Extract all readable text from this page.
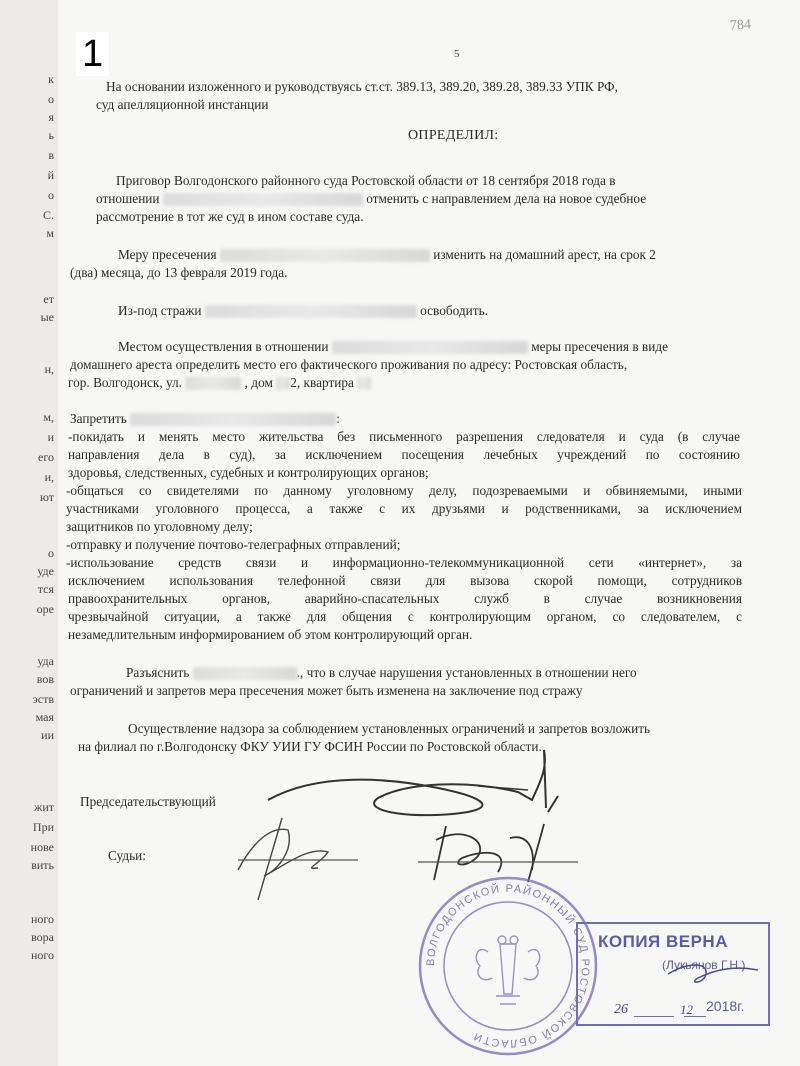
к
о
я
ь
в
й
о
С.
м
ет
ые
н,
м,
и
его
и,
ют
о
уде
тся
оре
уда
вов
эств
мая
ии
жит
При
нове
вить
ного
вора
ного
5
784
На основании изложенного и руководствуясь ст.ст. 389.13, 389.20, 389.28, 389.33 УПК РФ,
суд апелляционной инстанции
ОПРЕДЕЛИЛ:
Приговор Волгодонского районного суда Ростовской области от 18 сентября 2018 года в
отношении	отменить с направлением дела на новое судебное
рассмотрение в тот же суд в ином составе суда.
Меру пресечения	изменить на домашний арест, на срок 2
(два) месяца, до 13 февраля 2019 года.
Из-под стражи	освободить.
Местом осуществления в отношении	меры пресечения в виде
домашнего ареста определить место его фактического проживания по адресу: Ростовская область,
гор. Волгодонск, ул.	, дом 2, квартира
Запретить	:
-покидать и менять место жительства без письменного разрешения следователя и суда (в случае
направления дела в суд), за исключением посещения лечебных учреждений по состоянию
здоровья, следственных, судебных и контролирующих органов;
-общаться со свидетелями по данному уголовному делу, подозреваемыми и обвиняемыми, иными
участниками уголовного процесса, а также с их друзьями и родственниками, за исключением
защитников по уголовному делу;
-отправку и получение почтово-телеграфных отправлений;
-использование средств связи и информационно-телекоммуникационной сети «интернет», за
исключением использования телефонной связи для вызова скорой помощи, сотрудников
правоохранительных органов, аварийно-спасательных служб в случае возникновения
чрезвычайной ситуации, а также для общения с контролирующим органом, со следователем, с
незамедлительным информированием об этом контролирующий орган.
Разъяснить	., что в случае нарушения установленных в отношении него
ограничений и запретов мера пресечения может быть изменена на заключение под стражу
Осуществление надзора за соблюдением установленных ограничений и запретов возложить
на филиал по г.Волгодонску ФКУ УИИ ГУ ФСИН России по Ростовской области.
Председательствующий
Судьи:
ВОЛГОДОНСКОЙ РАЙОННЫЙ СУД РОСТОВСКОЙ ОБЛАСТИ
КОПИЯ ВЕРНА
(Лукьянов Г.Н.)
2018г.
26	12
1
